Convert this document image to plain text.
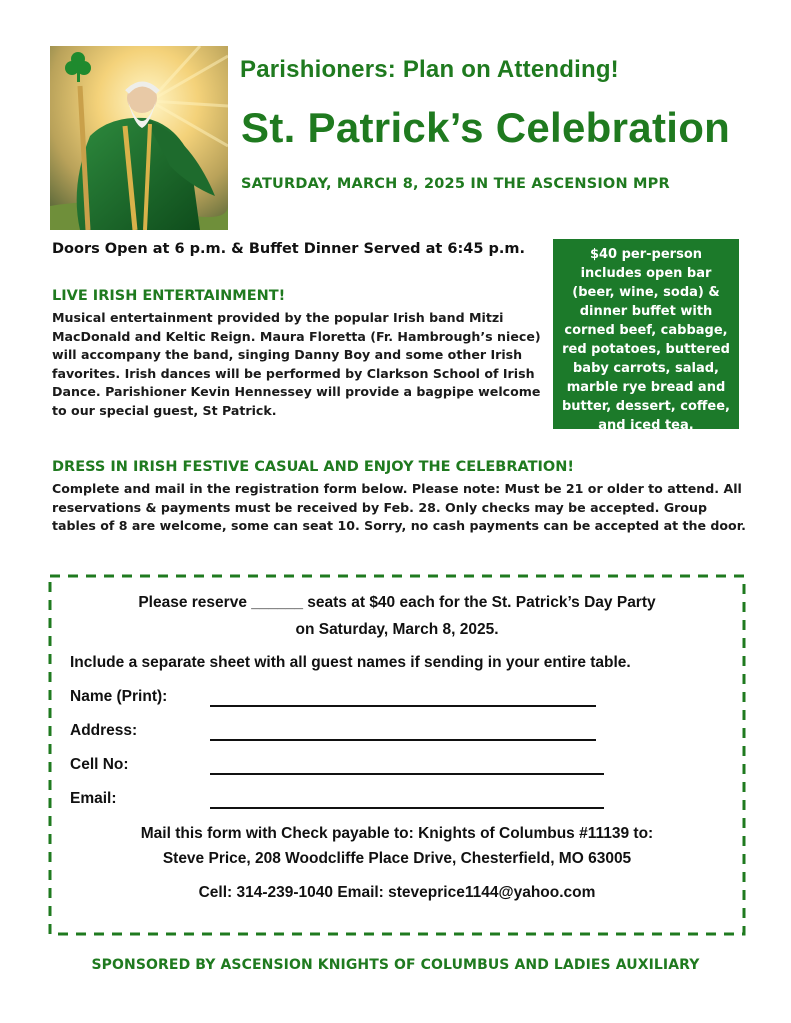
Parishioners: Plan on Attending!
St. Patrick’s Celebration
SATURDAY, MARCH 8, 2025 IN THE ASCENSION MPR
Doors Open at 6 p.m. & Buffet Dinner Served at 6:45 p.m.	$40 per-person includes open bar (beer, wine, soda) & dinner buffet with corned beef, cabbage, red potatoes, buttered baby carrots, salad, marble rye bread and butter, dessert, coffee, and iced tea.
LIVE IRISH ENTERTAINMENT!
Musical entertainment provided by the popular Irish band Mitzi MacDonald and Keltic Reign. Maura Floretta (Fr. Hambrough’s niece) will accompany the band, singing Danny Boy and some other Irish favorites. Irish dances will be performed by Clarkson School of Irish Dance. Parishioner Kevin Hennessey will provide a bagpipe welcome to our special guest, St Patrick.
DRESS IN IRISH FESTIVE CASUAL AND ENJOY THE CELEBRATION!
Complete and mail in the registration form below. Please note: Must be 21 or older to attend. All reservations & payments must be received by Feb. 28. Only checks may be accepted. Group tables of 8 are welcome, some can seat 10. Sorry, no cash payments can be accepted at the door.
Please reserve ______ seats at $40 each for the St. Patrick’s Day Party
on Saturday, March 8, 2025.
Include a separate sheet with all guest names if sending in your entire table.
Name (Print):
Address:
Cell No:
Email:
Mail this form with Check payable to: Knights of Columbus #11139 to:
Steve Price, 208 Woodcliffe Place Drive, Chesterfield, MO 63005
Cell: 314-239-1040 Email: steveprice1144@yahoo.com
SPONSORED BY ASCENSION KNIGHTS OF COLUMBUS AND LADIES AUXILIARY
